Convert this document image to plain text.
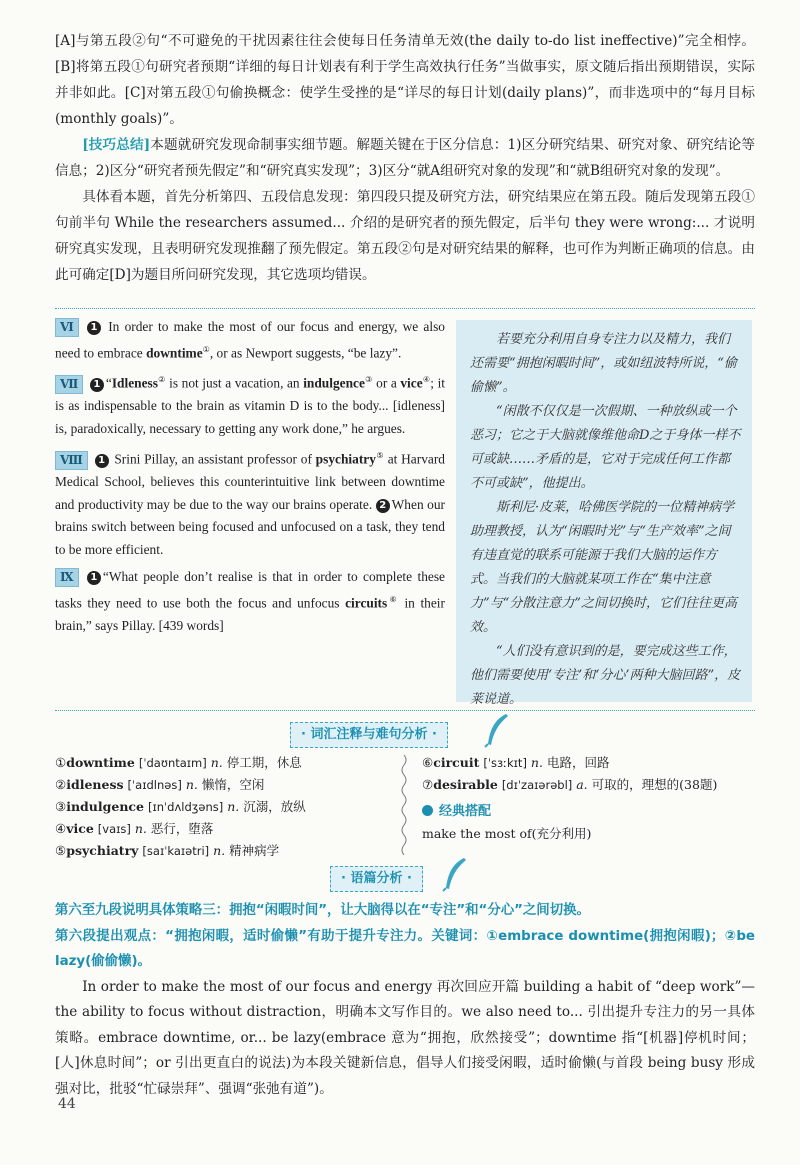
[A]与第五段②句“不可避免的干扰因素往往会使每日任务清单无效(the daily to-do list ineffective)”完全相悖。[B]将第五段①句研究者预期“详细的每日计划表有利于学生高效执行任务”当做事实，原文随后指出预期错误，实际并非如此。[C]对第五段①句偷换概念：使学生受挫的是“详尽的每日计划(daily plans)”，而非选项中的“每月目标(monthly goals)”。

[技巧总结]本题就研究发现命制事实细节题。解题关键在于区分信息：1)区分研究结果、研究对象、研究结论等信息；2)区分“研究者预先假定”和“研究真实发现”；3)区分“就A组研究对象的发现”和“就B组研究对象的发现”。

具体看本题，首先分析第四、五段信息发现：第四段只提及研究方法，研究结果应在第五段。随后发现第五段①句前半句 While the researchers assumed... 介绍的是研究者的预先假定，后半句 they were wrong:... 才说明研究真实发现，且表明研究发现推翻了预先假定。第五段②句是对研究结果的解释，也可作为判断正确项的信息。由此可确定[D]为题目所问研究发现，其它选项均错误。

Ⅵ 1 In order to make the most of our focus and energy, we also need to embrace downtime①, or as Newport suggests, “be lazy”.

Ⅶ 1 “Idleness② is not just a vacation, an indulgence③ or a vice④; it is as indispensable to the brain as vitamin D is to the body... [idleness] is, paradoxically, necessary to getting any work done,” he argues.

Ⅷ 1 Srini Pillay, an assistant professor of psychiatry⑤ at Harvard Medical School, believes this counterintuitive link between downtime and productivity may be due to the way our brains operate. 2 When our brains switch between being focused and unfocused on a task, they tend to be more efficient.

Ⅸ 1 “What people don’t realise is that in order to complete these tasks they need to use both the focus and unfocus circuits⑥ in their brain,” says Pillay. [439 words]

若要充分利用自身专注力以及精力，我们还需要“拥抱闲暇时间”，或如纽波特所说，“偷偷懒”。

“闲散不仅仅是一次假期、一种放纵或一个恶习；它之于大脑就像维他命D之于身体一样不可或缺……矛盾的是，它对于完成任何工作都不可或缺”，他提出。

斯利尼·皮莱，哈佛医学院的一位精神病学助理教授，认为“闲暇时光”与“生产效率”之间有违直觉的联系可能源于我们大脑的运作方式。当我们的大脑就某项工作在“集中注意力”与“分散注意力”之间切换时，它们往往更高效。

“人们没有意识到的是，要完成这些工作，他们需要使用‘专注’和‘分心’两种大脑回路”，皮莱说道。

· 词汇注释与难句分析 ·
①downtime [ˈdaʊntaɪm] n. 停工期，休息
②idleness [ˈaɪdlnəs] n. 懒惰，空闲
③indulgence [ɪnˈdʌldʒəns] n. 沉溺，放纵
④vice [vaɪs] n. 恶行，堕落
⑤psychiatry [saɪˈkaɪətri] n. 精神病学
⑥circuit [ˈsɜːkɪt] n. 电路，回路
⑦desirable [dɪˈzaɪərəbl] a. 可取的，理想的(38题)
经典搭配
make the most of(充分利用)
· 语篇分析 ·

第六至九段说明具体策略三：拥抱“闲暇时间”，让大脑得以在“专注”和“分心”之间切换。

第六段提出观点：“拥抱闲暇，适时偷懒”有助于提升专注力。关键词：①embrace downtime(拥抱闲暇)；②be lazy(偷偷懒)。

In order to make the most of our focus and energy 再次回应开篇 building a habit of “deep work”— the ability to focus without distraction，明确本文写作目的。we also need to... 引出提升专注力的另一具体策略。embrace downtime, or... be lazy(embrace 意为“拥抱，欣然接受”；downtime 指“[机器]停机时间；[人]休息时间”；or 引出更直白的说法)为本段关键新信息，倡导人们接受闲暇，适时偷懒(与首段 being busy 形成强对比，批驳“忙碌崇拜”、强调“张弛有道”)。

44
